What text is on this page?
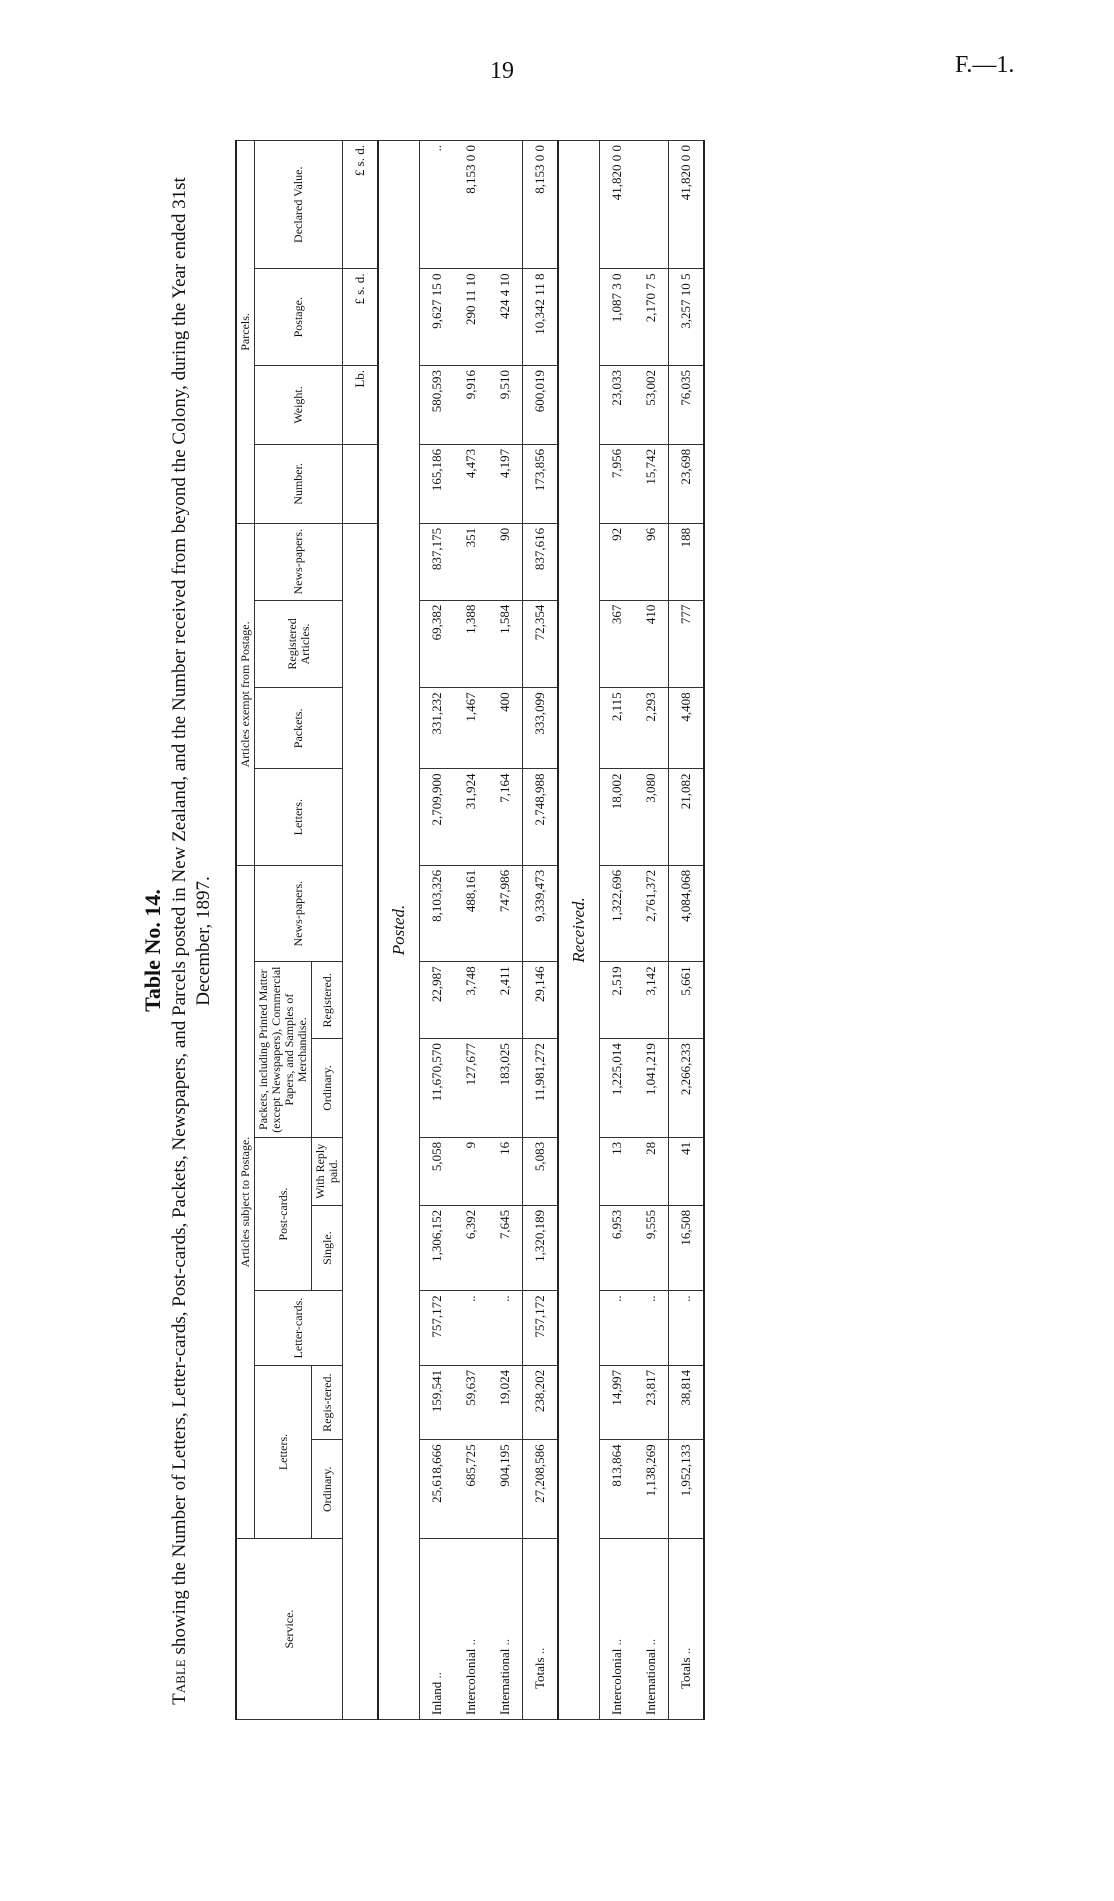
19	F.—1.
Table No. 14.
Table showing the Number of Letters, Letter-cards, Post-cards, Packets, Newspapers, and Parcels posted in New Zealand, and the Number received from beyond the Colony, during the Year ended 31st December, 1897.
Service.	Articles subject to Postage.								Articles exempt from Postage.				Parcels.			
	Letters.		Letter-cards.	Post-cards.		Packets, including Printed Matter (except Newspapers), Commercial Papers, and Samples of Merchandise.		News-papers.	Letters.	Packets.	Registered Articles.	News-papers.	Number.	Weight.	Postage.	Declared Value.
	Ordinary.	Regis-tered.		Single.	With Reply paid.	Ordinary.	Registered.									
														Lb.	£ s. d.	£ s. d.
Posted.																
Inland ..	25,618,666	159,541	757,172	1,306,152	5,058	11,670,570	22,987	8,103,326	2,709,900	331,232	69,382	837,175	165,186	580,593	9,627 15 0	..
Intercolonial ..	685,725	59,637	..	6,392	9	127,677	3,748	488,161	31,924	1,467	1,388	351	4,473	9,916	290 11 10	8,153 0 0
International ..	904,195	19,024	..	7,645	16	183,025	2,411	747,986	7,164	400	1,584	90	4,197	9,510	424 4 10	
Totals ..	27,208,586	238,202	757,172	1,320,189	5,083	11,981,272	29,146	9,339,473	2,748,988	333,099	72,354	837,616	173,856	600,019	10,342 11 8	8,153 0 0
Received.																
Intercolonial ..	813,864	14,997	..	6,953	13	1,225,014	2,519	1,322,696	18,002	2,115	367	92	7,956	23,033	1,087 3 0	41,820 0 0
International ..	1,138,269	23,817	..	9,555	28	1,041,219	3,142	2,761,372	3,080	2,293	410	96	15,742	53,002	2,170 7 5	
Totals ..	1,952,133	38,814	..	16,508	41	2,266,233	5,661	4,084,068	21,082	4,408	777	188	23,698	76,035	3,257 10 5	41,820 0 0
